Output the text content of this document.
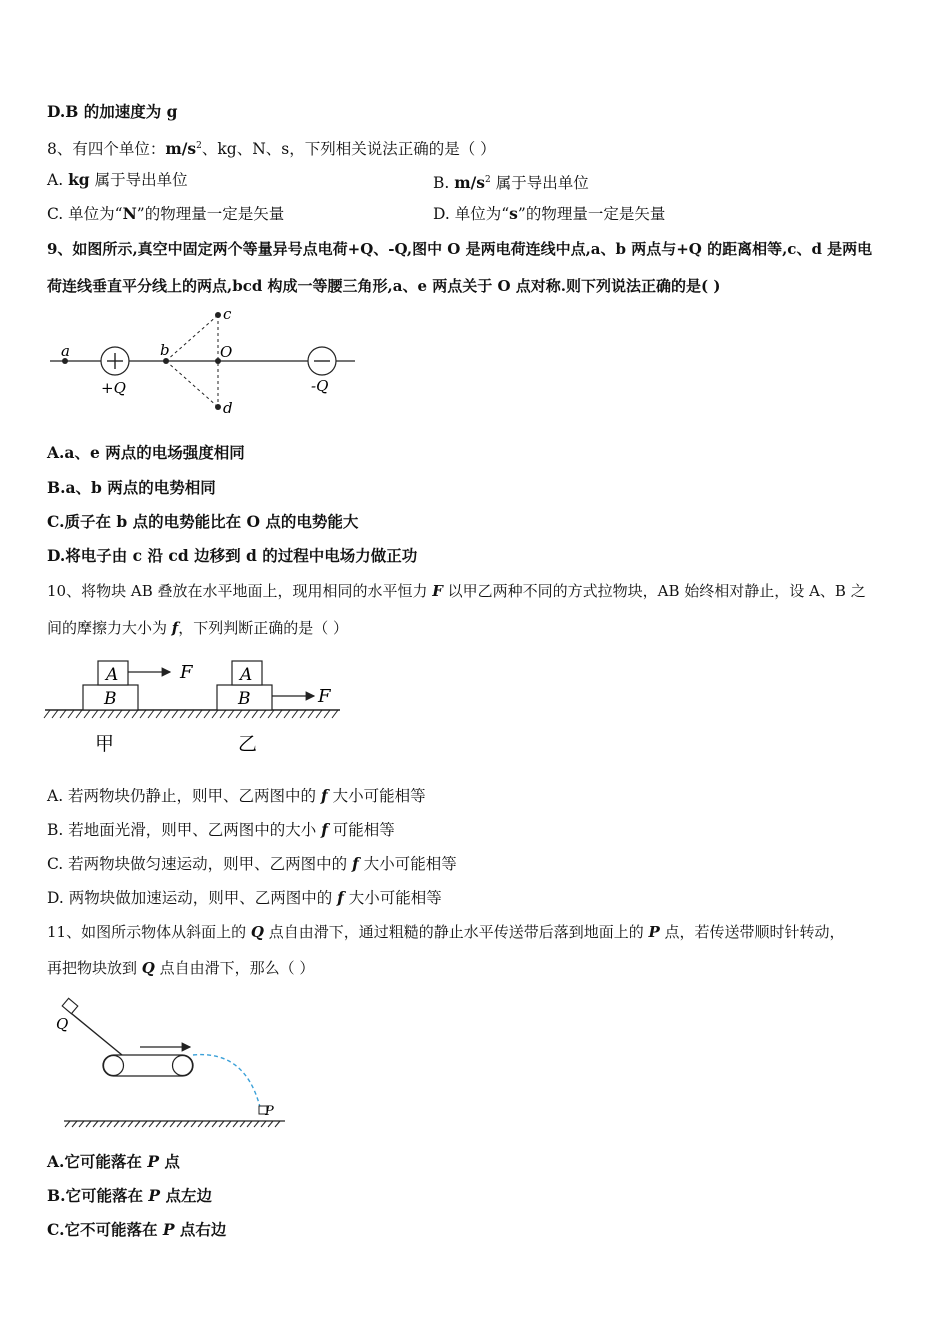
D.B 的加速度为 g
8、有四个单位：$m/s^2$、kg、N、s，下列相关说法正确的是（ ）
A. kg 属于导出单位	B. $m/s^2$ 属于导出单位
C. 单位为“N”的物理量一定是矢量	D. 单位为“s”的物理量一定是矢量
9、如图所示,真空中固定两个等量异号点电荷+Q、-Q,图中 O 是两电荷连线中点,a、b 两点与+Q 的距离相等,c、d 是两电
荷连线垂直平分线上的两点,bcd 构成一等腰三角形,a、e 两点关于 O 点对称.则下列说法正确的是( )
a
+Q
b
c
O
d
-Q
A.a、e 两点的电场强度相同
B.a、b 两点的电势相同
C.质子在 b 点的电势能比在 O 点的电势能大
D.将电子由 c 沿 cd 边移到 d 的过程中电场力做正功
10、将物块 AB 叠放在水平地面上，现用相同的水平恒力 F 以甲乙两种不同的方式拉物块，AB 始终相对静止，设 A、B 之
间的摩擦力大小为 f，下列判断正确的是（ ）
B
A	F
甲
B
A
F
乙
A. 若两物块仍静止，则甲、乙两图中的 f 大小可能相等
B. 若地面光滑，则甲、乙两图中的大小 f 可能相等
C. 若两物块做匀速运动，则甲、乙两图中的 f 大小可能相等
D. 两物块做加速运动，则甲、乙两图中的 f 大小可能相等
11、如图所示物体从斜面上的 Q 点自由滑下，通过粗糙的静止水平传送带后落到地面上的 P 点，若传送带顺时针转动，
再把物块放到 Q 点自由滑下，那么（ ）
Q
P
A.它可能落在 P 点
B.它可能落在 P 点左边
C.它不可能落在 P 点右边
